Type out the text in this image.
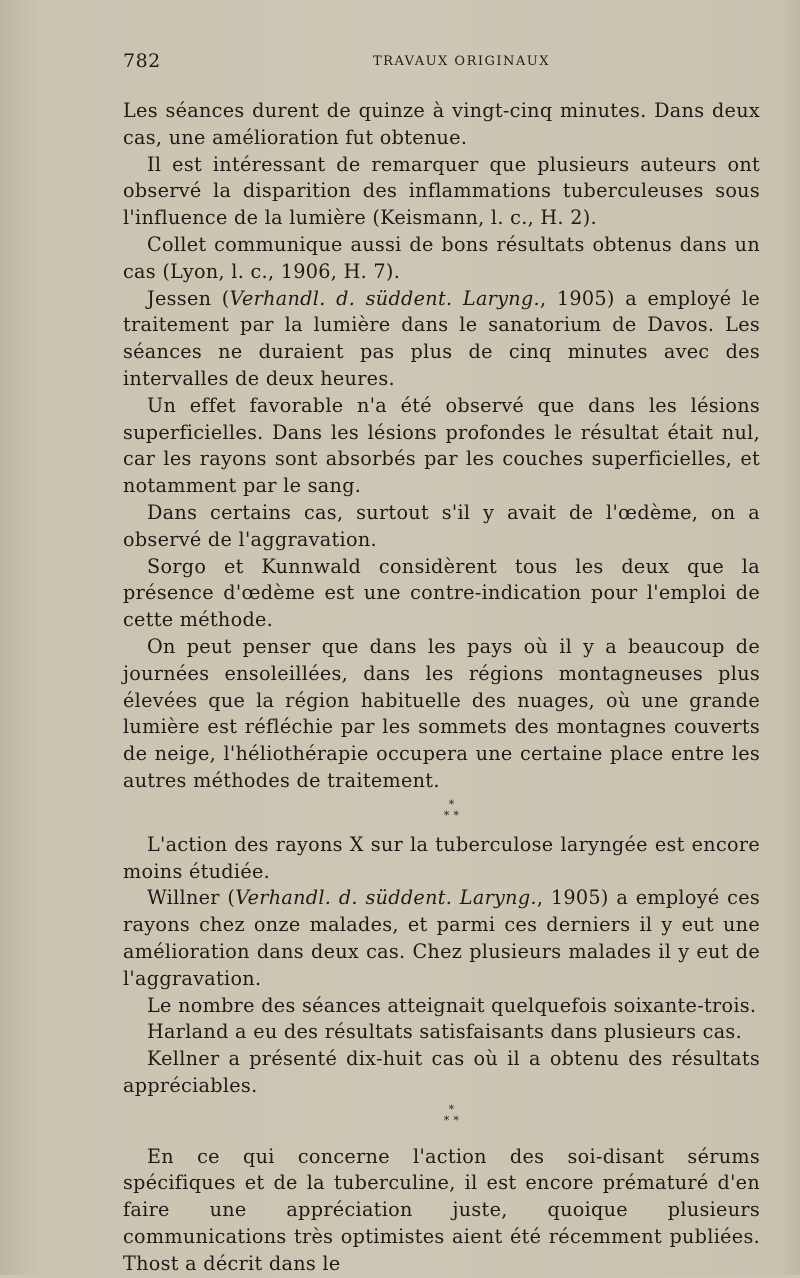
782	TRAVAUX ORIGINAUX

Les séances durent de quinze à vingt-cinq minutes. Dans deux cas, une amélioration fut obtenue.

Il est intéressant de remarquer que plusieurs auteurs ont observé la disparition des inflammations tuberculeuses sous l'influence de la lumière (Keismann, l. c., H. 2).

Collet communique aussi de bons résultats obtenus dans un cas (Lyon, l. c., 1906, H. 7).

Jessen (Verhandl. d. süddent. Laryng., 1905) a employé le traitement par la lumière dans le sanatorium de Davos. Les séances ne duraient pas plus de cinq minutes avec des intervalles de deux heures.

Un effet favorable n'a été observé que dans les lésions superficielles. Dans les lésions profondes le résultat était nul, car les rayons sont absorbés par les couches superficielles, et notamment par le sang.

Dans certains cas, surtout s'il y avait de l'œdème, on a observé de l'aggravation.

Sorgo et Kunnwald considèrent tous les deux que la présence d'œdème est une contre-indication pour l'emploi de cette méthode.

On peut penser que dans les pays où il y a beaucoup de journées ensoleillées, dans les régions montagneuses plus élevées que la région habituelle des nuages, où une grande lumière est réfléchie par les sommets des montagnes couverts de neige, l'héliothérapie occupera une certaine place entre les autres méthodes de traitement.

*
* *

L'action des rayons X sur la tuberculose laryngée est encore moins étudiée.

Willner (Verhandl. d. süddent. Laryng., 1905) a employé ces rayons chez onze malades, et parmi ces derniers il y eut une amélioration dans deux cas. Chez plusieurs malades il y eut de l'aggravation.

Le nombre des séances atteignait quelquefois soixante-trois.

Harland a eu des résultats satisfaisants dans plusieurs cas.

Kellner a présenté dix-huit cas où il a obtenu des résultats appréciables.

*
* *

En ce qui concerne l'action des soi-disant sérums spécifiques et de la tuberculine, il est encore prématuré d'en faire une appréciation juste, quoique plusieurs communications très optimistes aient été récemment publiées. Thost a décrit dans le
